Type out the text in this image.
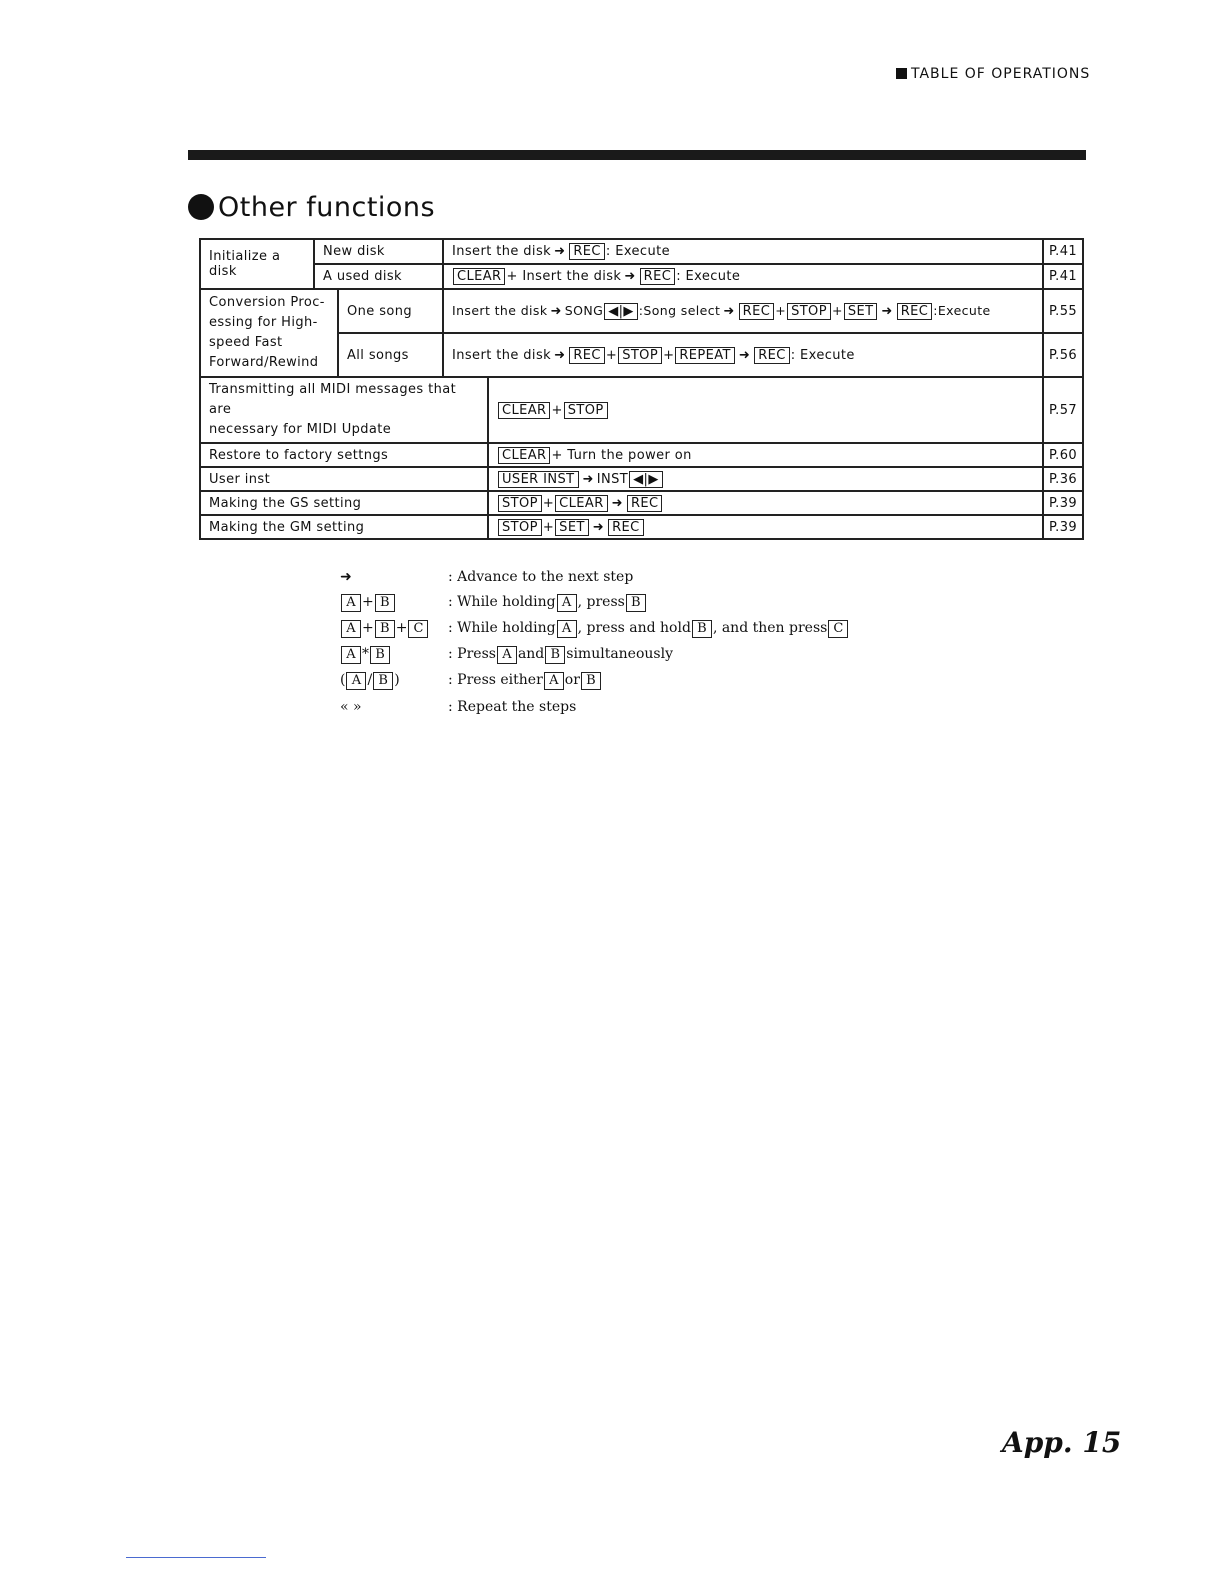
TABLE OF OPERATIONS
Other functions
Initialize a disk	New disk		Insert the disk ➜ REC : Execute		P.41
	A used disk		CLEAR + Insert the disk ➜ REC : Execute		P.41

Conversion Proc-
essing for High-
speed Fast
Forward∕Rewind		One song	Insert the disk ➜ SONG ◀|▶ :Song select ➜ REC + STOP + SET ➜ REC :Execute		P.55
		All songs	Insert the disk ➜ REC + STOP + REPEAT ➜ REC : Execute		P.56

Transmitting all MIDI messages that are
necessary for MIDI Update				CLEAR + STOP	P.57
Restore to factory settngs				CLEAR + Turn the power on	P.60
User inst				USER INST ➜ INST ◀|▶	P.36
Making the GS setting				STOP + CLEAR ➜ REC	P.39
Making the GM setting				STOP + SET ➜ REC	P.39
➜	: Advance to the next step
A + B	: While holding A , press B
A + B + C	: While holding A , press and hold B , and then press C
A * B	: Press A and B simultaneously
( A / B )	: Press either A or B
« »	: Repeat the steps
App. 15
